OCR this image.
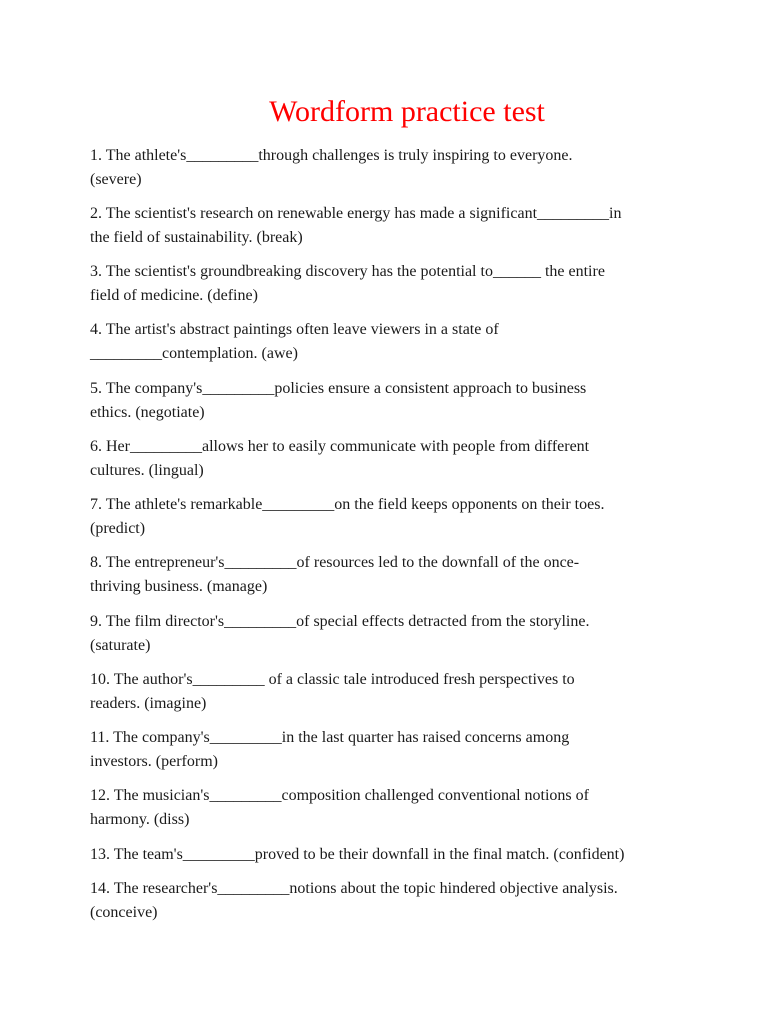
Wordform practice test
1. The athlete's_________through challenges is truly inspiring to everyone.
(severe)
2. The scientist's research on renewable energy has made a significant_________in
the field of sustainability. (break)
3. The scientist's groundbreaking discovery has the potential to______ the entire
field of medicine. (define)
4. The artist's abstract paintings often leave viewers in a state of
_________contemplation. (awe)
5. The company's_________policies ensure a consistent approach to business
ethics. (negotiate)
6. Her_________allows her to easily communicate with people from different
cultures. (lingual)
7. The athlete's remarkable_________on the field keeps opponents on their toes.
(predict)
8. The entrepreneur's_________of resources led to the downfall of the once-
thriving business. (manage)
9. The film director's_________of special effects detracted from the storyline.
(saturate)
10. The author's_________ of a classic tale introduced fresh perspectives to
readers. (imagine)
11. The company's_________in the last quarter has raised concerns among
investors. (perform)
12. The musician's_________composition challenged conventional notions of
harmony. (diss)
13. The team's_________proved to be their downfall in the final match. (confident)
14. The researcher's_________notions about the topic hindered objective analysis.
(conceive)
